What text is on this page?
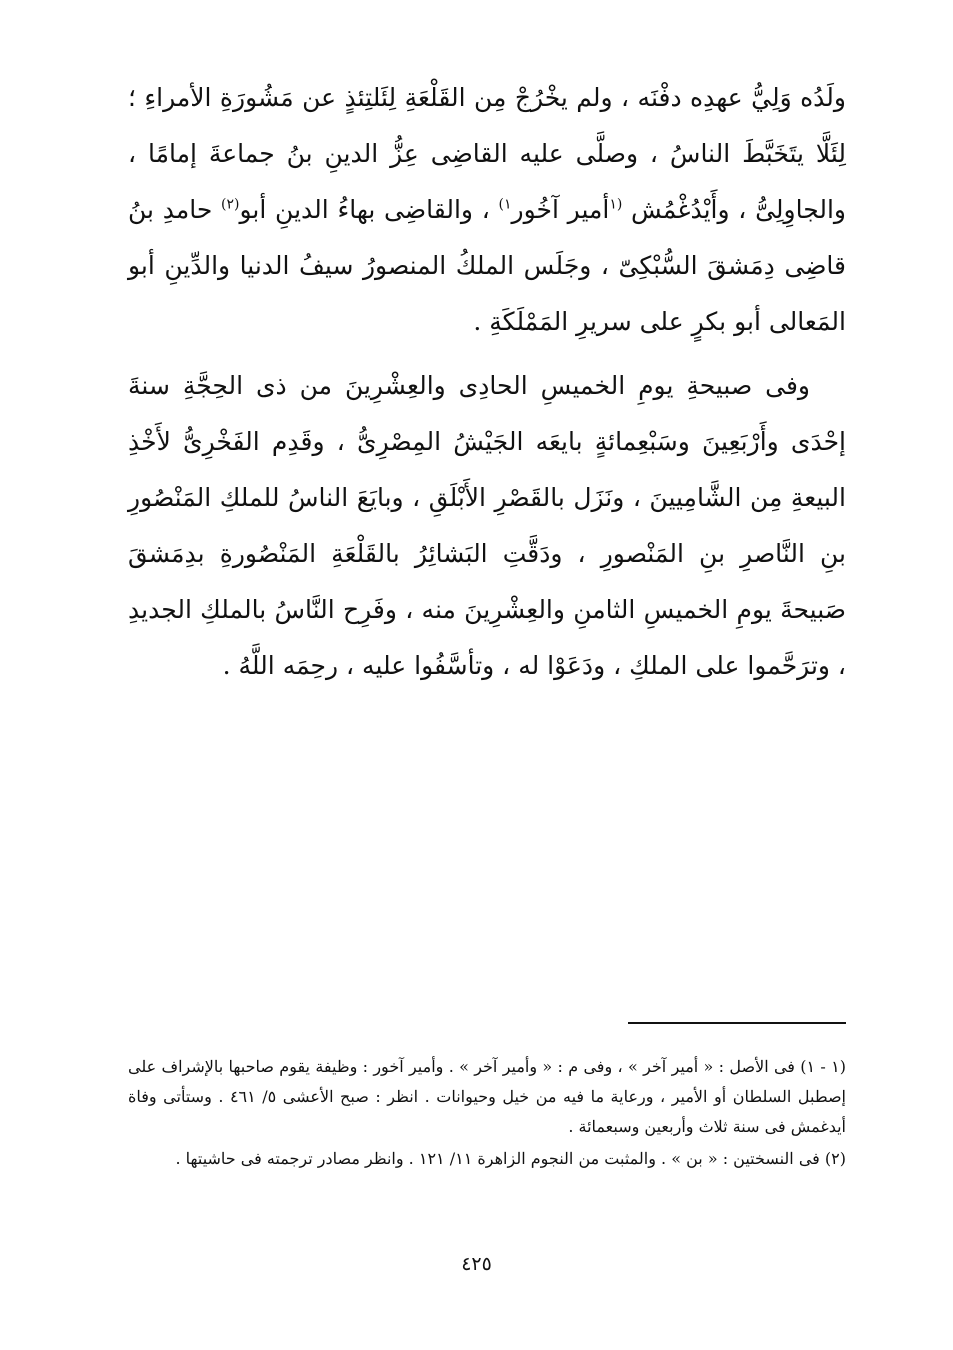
ولَدُه وَلِيُّ عهدِه دفْنَه ، ولم يخْرُجْ مِن القَلْعَةِ لِئَلتِئذٍ عن مَشُورَةِ الأمراءِ ؛ لِئَلَّا يتَخَبَّطَ الناسُ ، وصلَّى عليه القاضِى عِزُّ الدينِ بنُ جماعةَ إمامًا ، والجاوِلِىُّ ، وأَيْدُغْمُش $^{(١}$أمير آخُور$^{١)}$ ، والقاضِى بهاءُ الدينِ أبو$^{(٢)}$ حامدِ بنُ قاضِى دِمَشقَ السُّبْكِىّ ، وجَلَس الملكُ المنصورُ سيفُ الدنيا والدِّينِ أبو المَعالى أبو بكرٍ على سريرِ المَمْلَكَةِ .

وفى صبيحةِ يومِ الخميسِ الحادِى والعِشْرِينَ من ذى الحِجَّةِ سنةَ إحْدَى وأَرْبَعِينَ وسَبْعِمائةٍ بايعَه الجَيْشُ المِصْرِىُّ ، وقَدِم الفَخْرِىُّ لأَخْذِ البيعةِ مِن الشَّامِيينَ ، ونَزَل بالقَصْرِ الأَبْلَقِ ، وبايَعَ الناسُ للملكِ المَنْصُورِ بنِ النَّاصرِ بنِ المَنْصورِ ، ودَقَّتِ البَشائِرُ بالقَلْعَةِ المَنْصُورةِ بدِمَشقَ صَبيحةَ يومِ الخميسِ الثامنِ والعِشْرِينَ منه ، وفَرِح النَّاسُ بالملكِ الجديدِ ، وترَحَّموا على الملكِ ، ودَعَوْا له ، وتأسَّفُوا عليه ، رحِمَه اللَّهُ .

(١ - ١) فى الأصل : « أمير آخر » ، وفى م : « وأمير آخر » . وأمير آخور : وظيفة يقوم صاحبها بالإشراف على إصطبل السلطان أو الأمير ، ورعاية ما فيه من خيل وحيوانات . انظر : صبح الأعشى ٥/ ٤٦١ . وستأتى وفاة أيدغمش فى سنة ثلاث وأربعين وسبعمائة .

(٢) فى النسختين : « بن » . والمثبت من النجوم الزاهرة ١١/ ١٢١ . وانظر مصادر ترجمته فى حاشيتها .

٤٢٥
